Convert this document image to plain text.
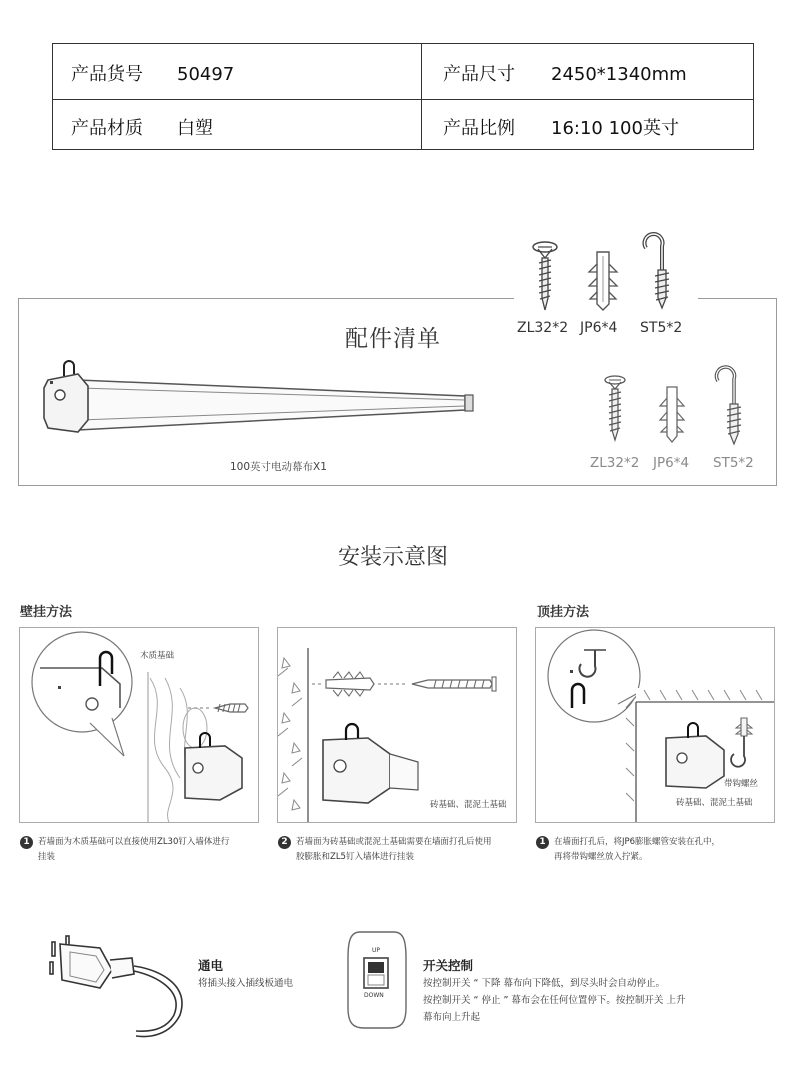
产品货号 50497	产品尺寸 2450*1340mm
产品材质 白塑	产品比例 16:10 100英寸
配件清单	ZL32*2 JP6*4 ST5*2
100英寸电动幕布X1	ZL32*2 JP6*4 ST5*2
安装示意图
壁挂方法	顶挂方法
木质基础
砖基础、混泥土基础
带钩螺丝
砖基础、混泥土基础
1 若墙面为木质基础可以直接使用ZL30钉入墙体进行
挂装
2 若墙面为砖基础或混泥土基础需要在墙面打孔后使用
胶膨胀和ZL5钉入墙体进行挂装
1 在墙面打孔后，将JP6膨胀螺管安装在孔中，
再将带钩螺丝放入拧紧。
通电
将插头接入插线板通电
UP
DOWN
开关控制
按控制开关 “ 下降 幕布向下降低，到尽头时会自动停止。
按控制开关 “ 停止 ” 幕布会在任何位置停下。按控制开关 上升
幕布向上升起
